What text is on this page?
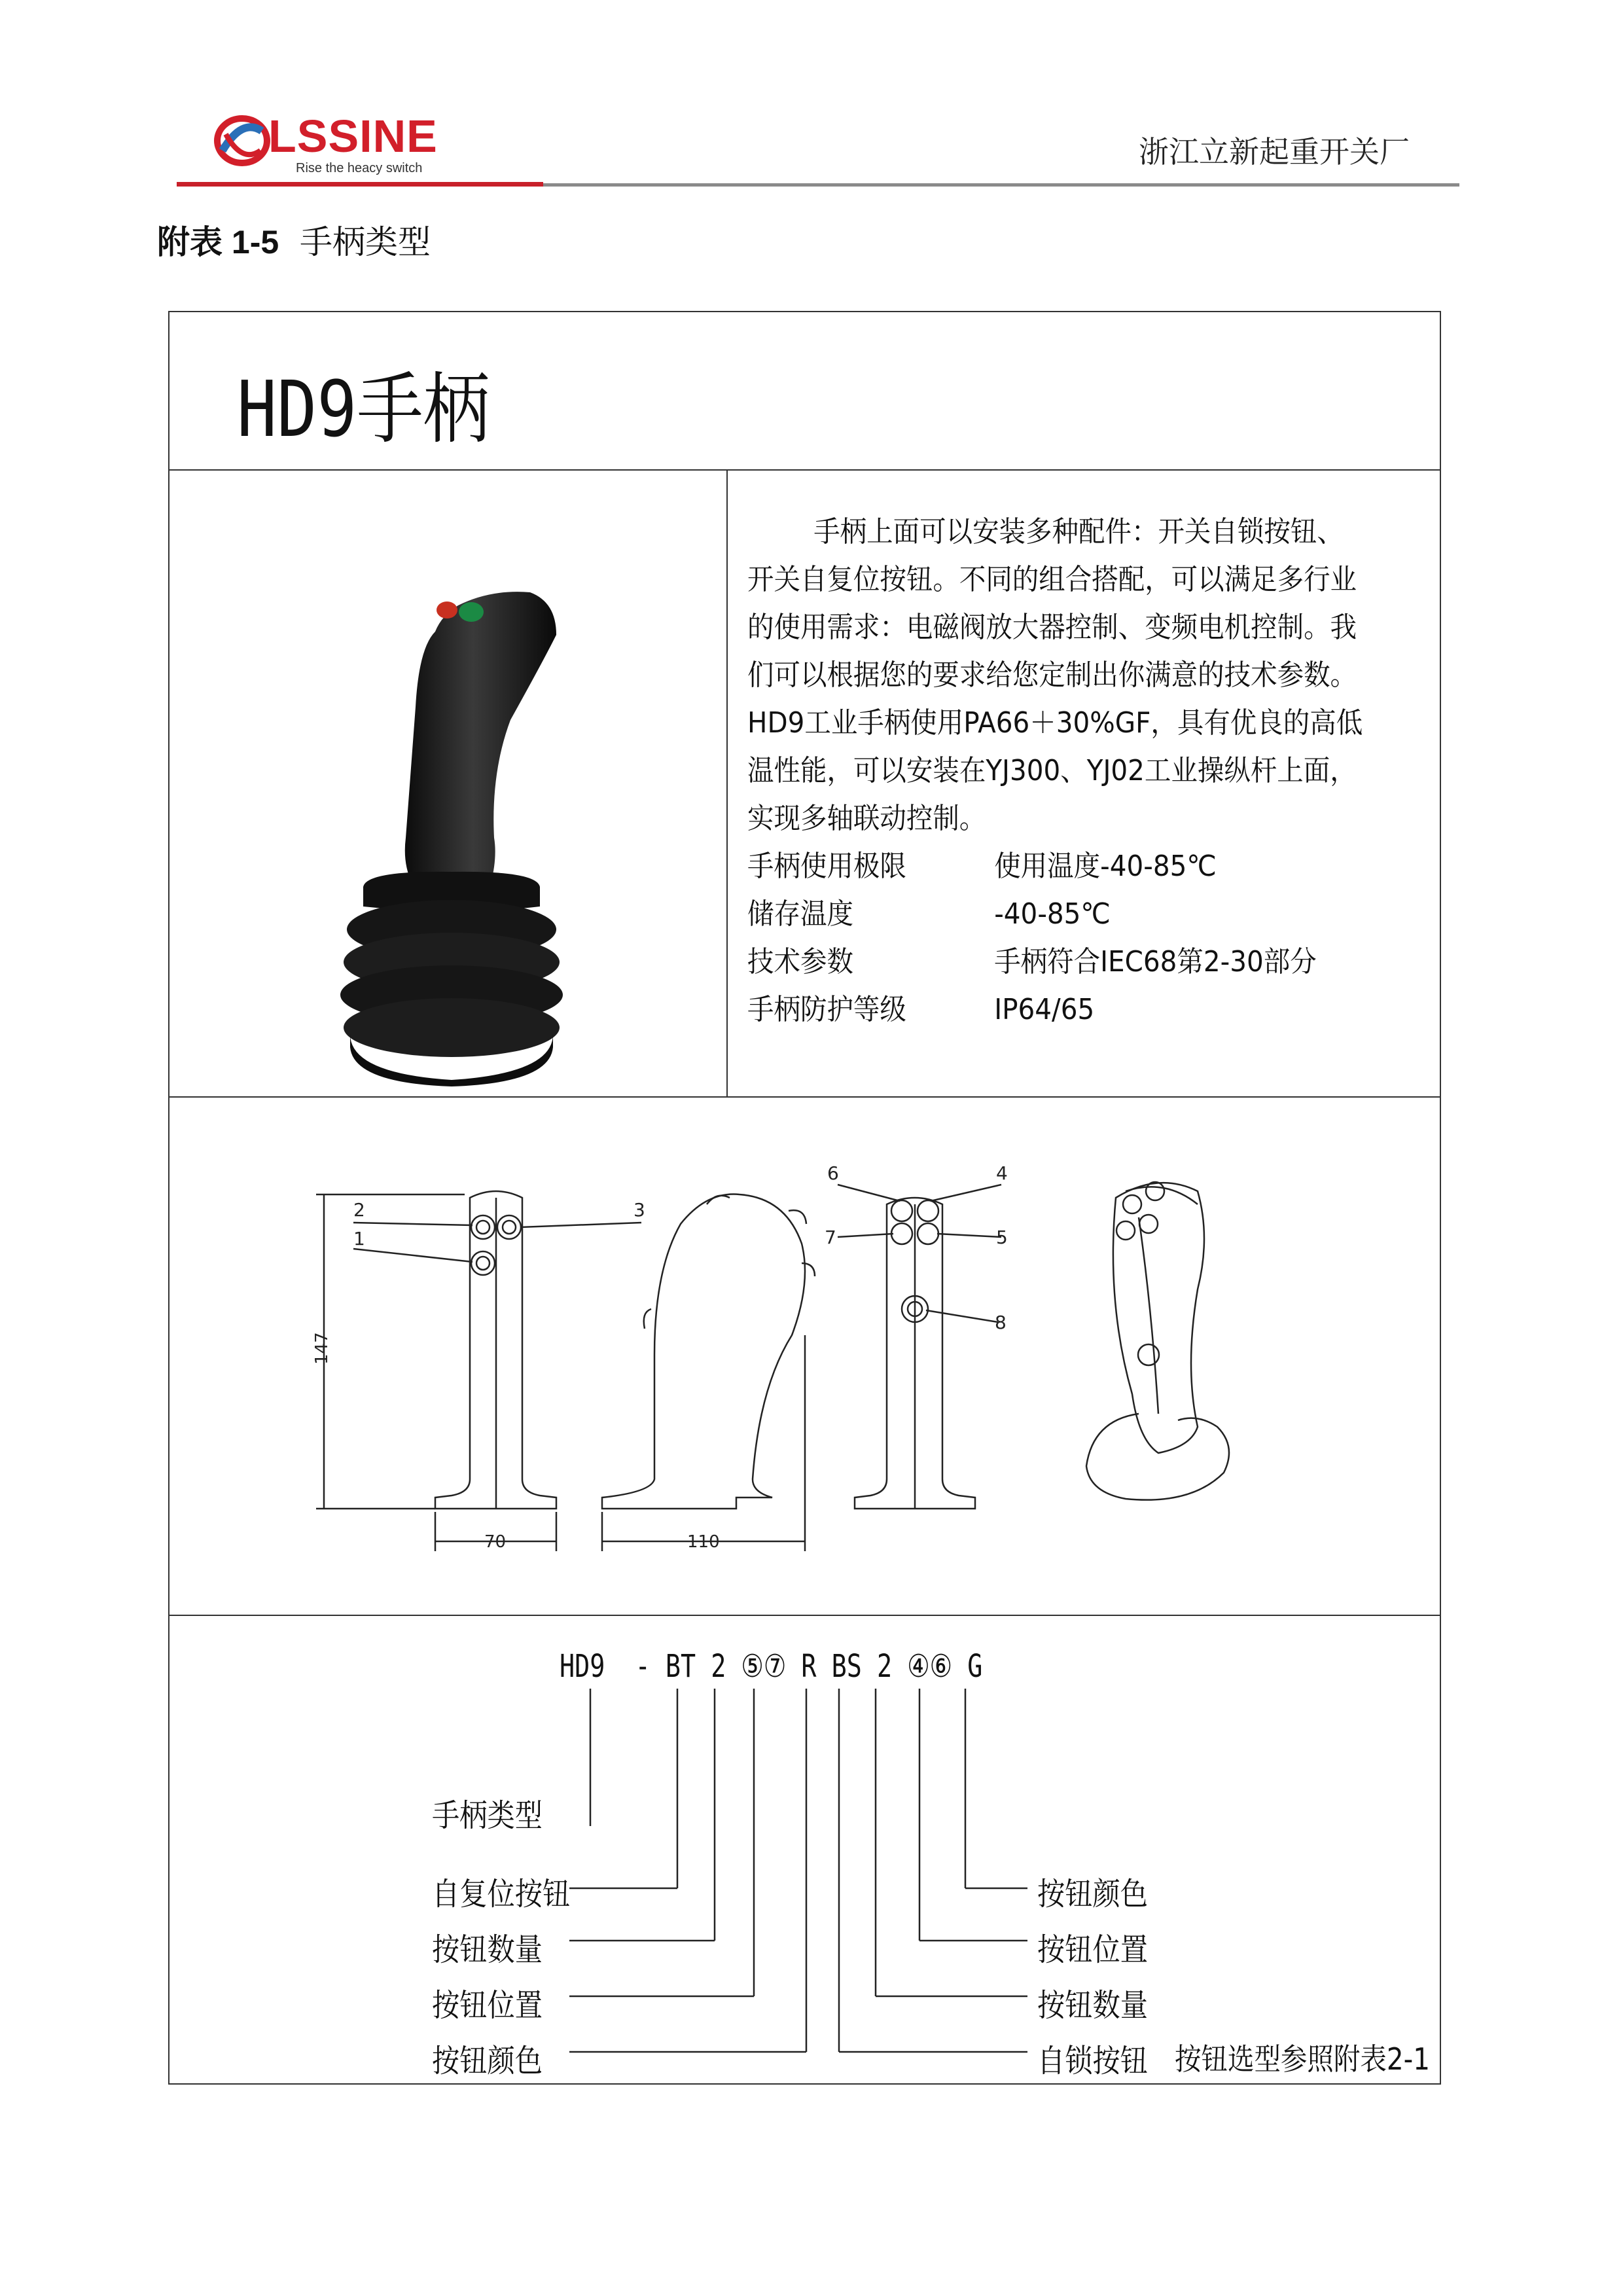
LSSINE
Rise the heacy switch	浙江立新起重开关厂
附表 1-5 手柄类型
HD9手柄

手柄上面可以安装多种配件：开关自锁按钮、开关自复位按钮。不同的组合搭配，可以满足多行业的使用需求：电磁阀放大器控制、变频电机控制。我们可以根据您的要求给您定制出你满意的技术参数。

HD9工业手柄使用PA66＋30%GF，具有优良的高低温性能，可以安装在YJ300、YJ02工业操纵杆上面，实现多轴联动控制。

手柄使用极限	使用温度-40-85℃
储存温度	-40-85℃
技术参数	手柄符合IEC68第2-30部分
手柄防护等级	IP64/65
2
1
3
6	4
7	5
8
70	110
147
HD9  - BT 2 ⑤⑦ R BS 2 ④⑥ G
手柄类型
自复位按钮
按钮数量
按钮位置
按钮颜色
按钮颜色
按钮位置
按钮数量
自锁按钮 按钮选型参照附表2-1
